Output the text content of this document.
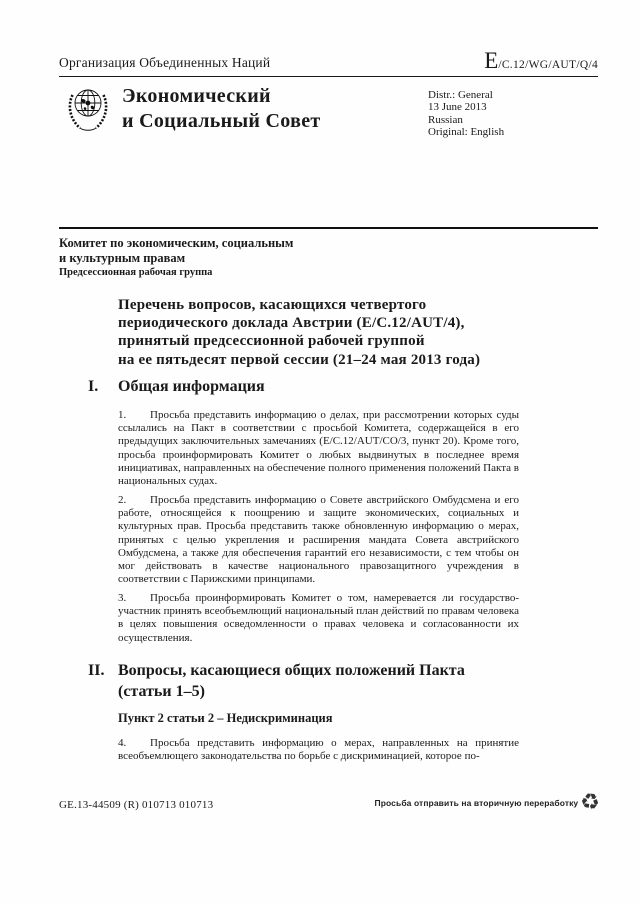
Организация Объединенных Наций	E/C.12/WG/AUT/Q/4
Экономический
и Социальный Совет
Distr.: General
13 June 2013
Russian
Original: English
Комитет по экономическим, социальным
и культурным правам
Предсессионная рабочая группа
Перечень вопросов, касающихся четвертого
периодического доклада Австрии (E/C.12/AUT/4),
принятый предсессионной рабочей группой
на ее пятьдесят первой сессии (21–24 мая 2013 года)
I.	Общая информация

1. Просьба представить информацию о делах, при рассмотрении которых суды ссылались на Пакт в соответствии с просьбой Комитета, содержащейся в его предыдущих заключительных замечаниях (E/C.12/AUT/CO/3, пункт 20). Кроме того, просьба проинформировать Комитет о любых выдвинутых в последнее время инициативах, направленных на обеспечение полного применения положений Пакта в национальных судах.

2. Просьба представить информацию о Совете австрийского Омбудсмена и его работе, относящейся к поощрению и защите экономических, социальных и культурных прав. Просьба представить также обновленную информацию о мерах, принятых с целью укрепления и расширения мандата Совета австрийского Омбудсмена, а также для обеспечения гарантий его независимости, с тем чтобы он мог действовать в качестве национального правозащитного учреждения в соответствии с Парижскими принципами.

3. Просьба проинформировать Комитет о том, намеревается ли государство-участник принять всеобъемлющий национальный план действий по правам человека в целях повышения осведомленности о правах человека и согласованности их осуществления.

II. Вопросы, касающиеся общих положений Пакта
(статьи 1–5)
Пункт 2 статьи 2 – Недискриминация

4. Просьба представить информацию о мерах, направленных на принятие всеобъемлющего законодательства по борьбе с дискриминацией, которое по-

GE.13-44509 (R) 010713 010713	Просьба отправить на вторичную переработку ♻
